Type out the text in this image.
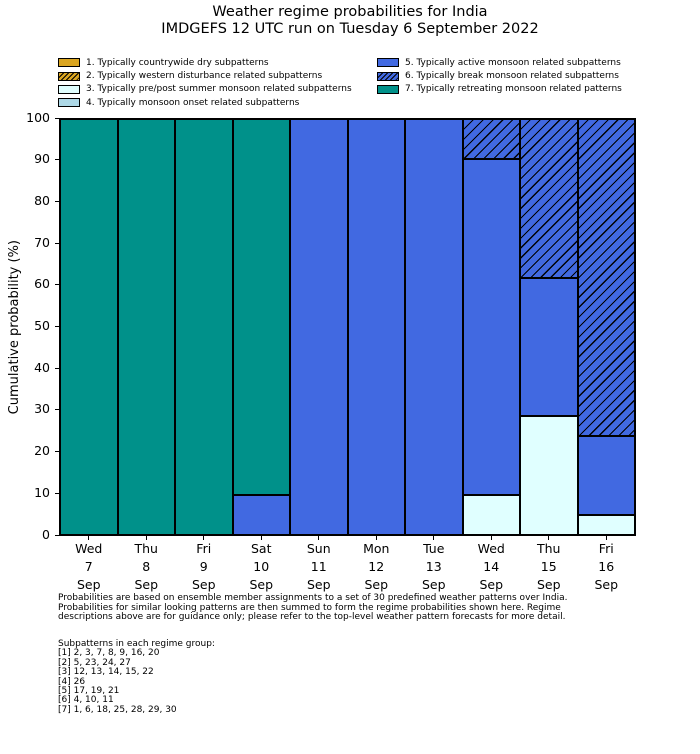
Weather regime probabilities for India
IMDGEFS 12 UTC run on Tuesday 6 September 2022
1. Typically countrywide dry subpatterns
2. Typically western disturbance related subpatterns
3. Typically pre/post summer monsoon related subpatterns
4. Typically monsoon onset related subpatterns
5. Typically active monsoon related subpatterns
6. Typically break monsoon related subpatterns
7. Typically retreating monsoon related patterns
Cumulative probability (%)
0
10
20
30
40
50
60
70
80
90
100
Wed
7
Sep
Thu
8
Sep
Fri
9
Sep
Sat
10
Sep
Sun
11
Sep
Mon
12
Sep
Tue
13
Sep
Wed
14
Sep
Thu
15
Sep
Fri
16
Sep
Probabilities are based on ensemble member assignments to a set of 30 predefined weather patterns over India.
Probabilities for similar looking patterns are then summed to form the regime probabilities shown here. Regime
descriptions above are for guidance only; please refer to the top-level weather pattern forecasts for more detail.
Subpatterns in each regime group:
[1] 2, 3, 7, 8, 9, 16, 20
[2] 5, 23, 24, 27
[3] 12, 13, 14, 15, 22
[4] 26
[5] 17, 19, 21
[6] 4, 10, 11
[7] 1, 6, 18, 25, 28, 29, 30
